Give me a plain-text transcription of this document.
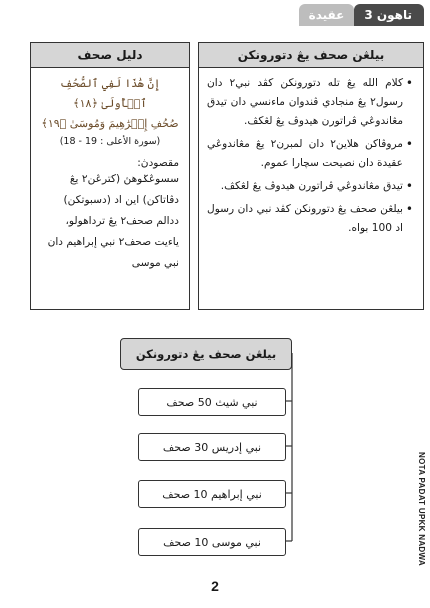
تاهون 3
عقيدة
بيلڠن صحف يڠ دتورونكن
• كلام الله يڠ تله دتورونكن كڤد نبي٢ دان رسول٢ يڠ منجادي ڤندوان ماءنسي دان تيدق مڠاندوڠي ڤراتورن هيدوڤ يڠ لڠكڤ.
• مروڤاكن هلاين٢ دان لمبرن٢ يڠ مڠاندوڠي عقيدة دان نصيحت سچارا عموم.
• تيدق مڠاندوڠي ڤراتورن هيدوڤ يڠ لڠكڤ.
• بيلڠن صحف يڠ دتورونكن كڤد نبي دان رسول اد 100 بواه.
دليل صحف
إِنَّ هَٰذَا لَفِي ٱلصُّحُفِ ٱلۡأُولَىٰ ﴿١٨﴾
صُحُفِ إِبۡرَٰهِيمَ وَمُوسَىٰ ﴿١٩﴾
(سورة الأعلى : 19 - 18)
مقصودڽ:
سسوڠݢوهڽ (كترڠن٢ يڠ دڤاتاكن) اين اد (دسبوتكن) ددالم صحف٢ يڠ ترداهولو، ياءيت صحف٢ نبي إبراهيم دان نبي موسى
بيلڠن صحف يڠ دتورونكن
نبي شيث 50 صحف
نبي إدريس 30 صحف
نبي إبراهيم 10 صحف
نبي موسى 10 صحف	NOTA PADAT UPKK NADWA
2
